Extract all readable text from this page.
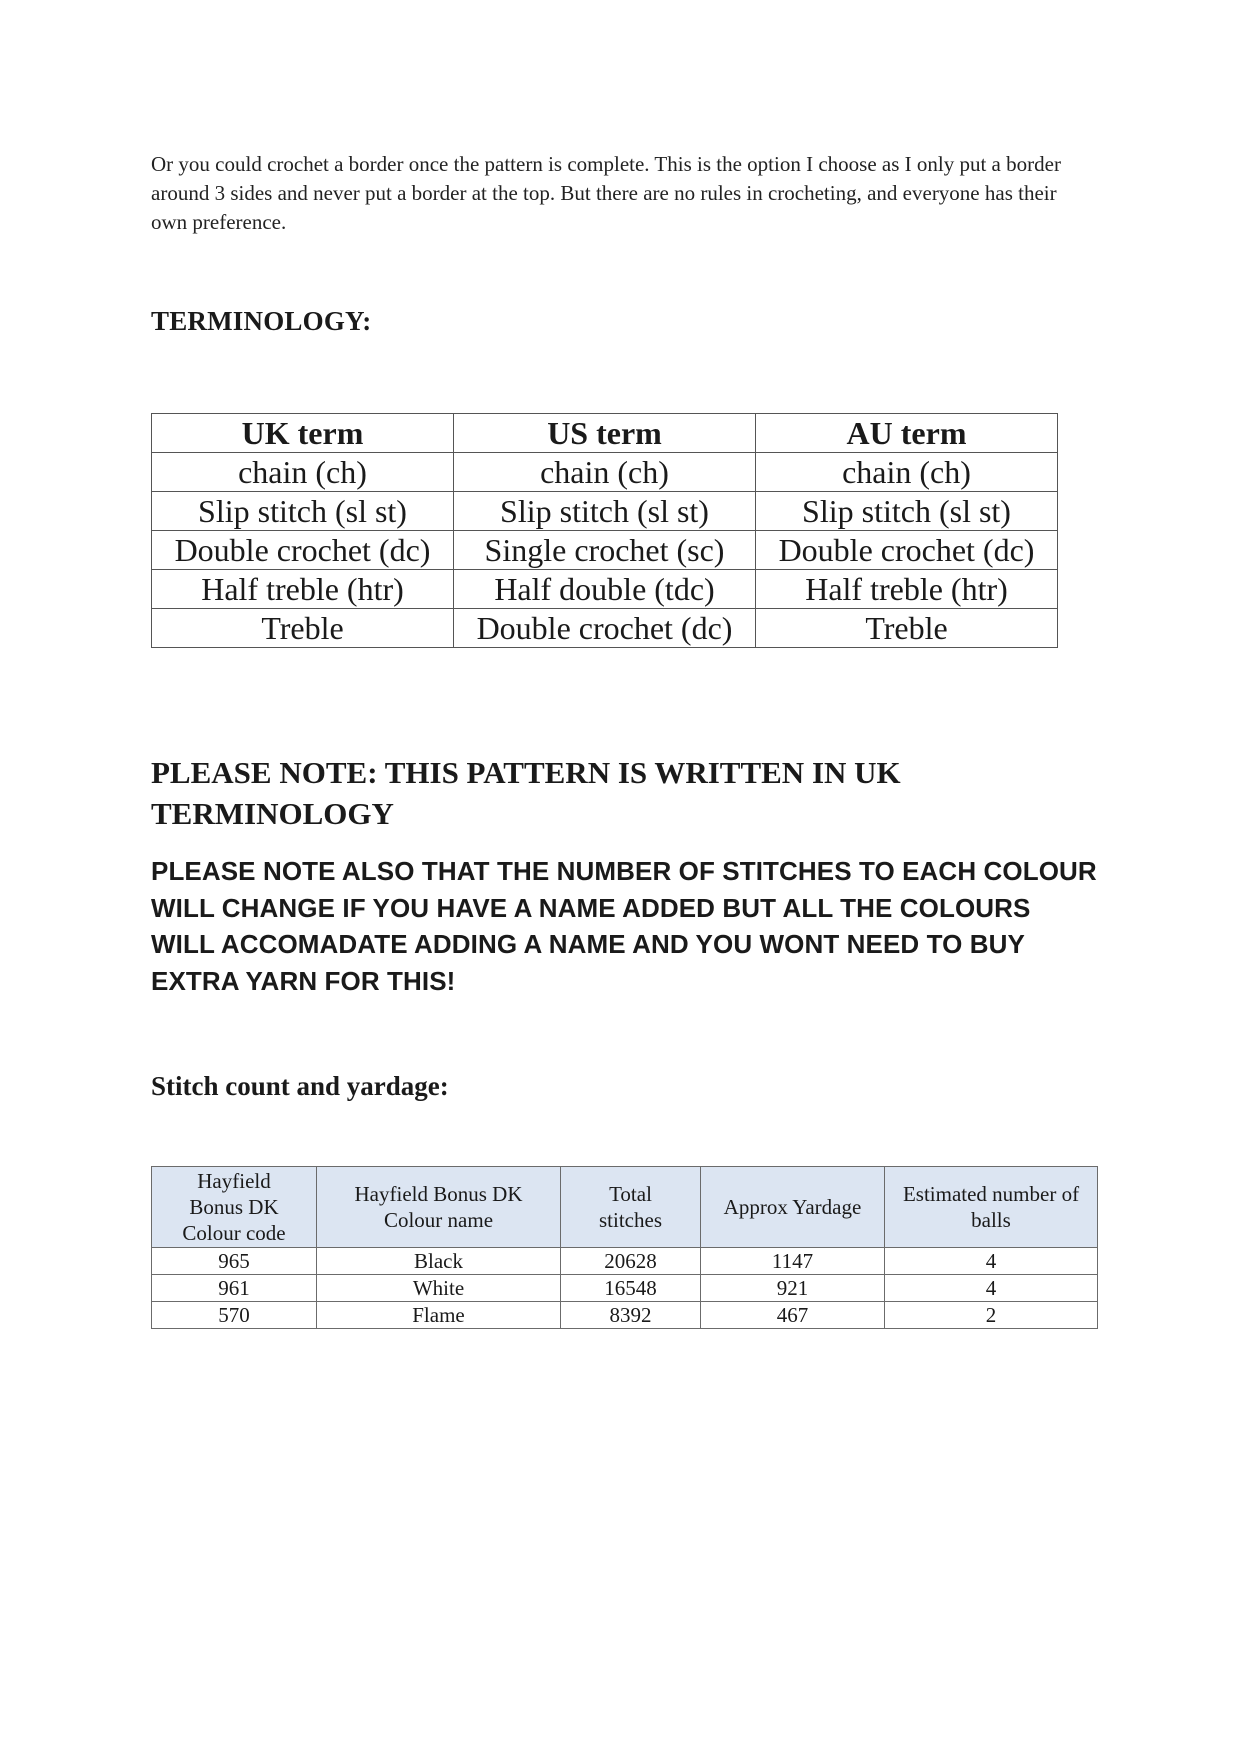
Or you could crochet a border once the pattern is complete. This is the option I choose as I only put a border around 3 sides and never put a border at the top. But there are no rules in crocheting, and everyone has their own preference.

TERMINOLOGY:
UK term	US term	AU term
chain (ch)	chain (ch)	chain (ch)
Slip stitch (sl st)	Slip stitch (sl st)	Slip stitch (sl st)
Double crochet (dc)	Single crochet (sc)	Double crochet (dc)
Half treble (htr)	Half double (tdc)	Half treble (htr)
Treble	Double crochet (dc)	Treble
PLEASE NOTE: THIS PATTERN IS WRITTEN IN UK TERMINOLOGY

PLEASE NOTE ALSO THAT THE NUMBER OF STITCHES TO EACH COLOUR WILL CHANGE IF YOU HAVE A NAME ADDED BUT ALL THE COLOURS WILL ACCOMADATE ADDING A NAME AND YOU WONT NEED TO BUY EXTRA YARN FOR THIS!

Stitch count and yardage:
Hayfield Bonus DK Colour code	Hayfield Bonus DK Colour name	Total stitches	Approx Yardage	Estimated number of balls
965	Black	20628	1147	4
961	White	16548	921	4
570	Flame	8392	467	2
